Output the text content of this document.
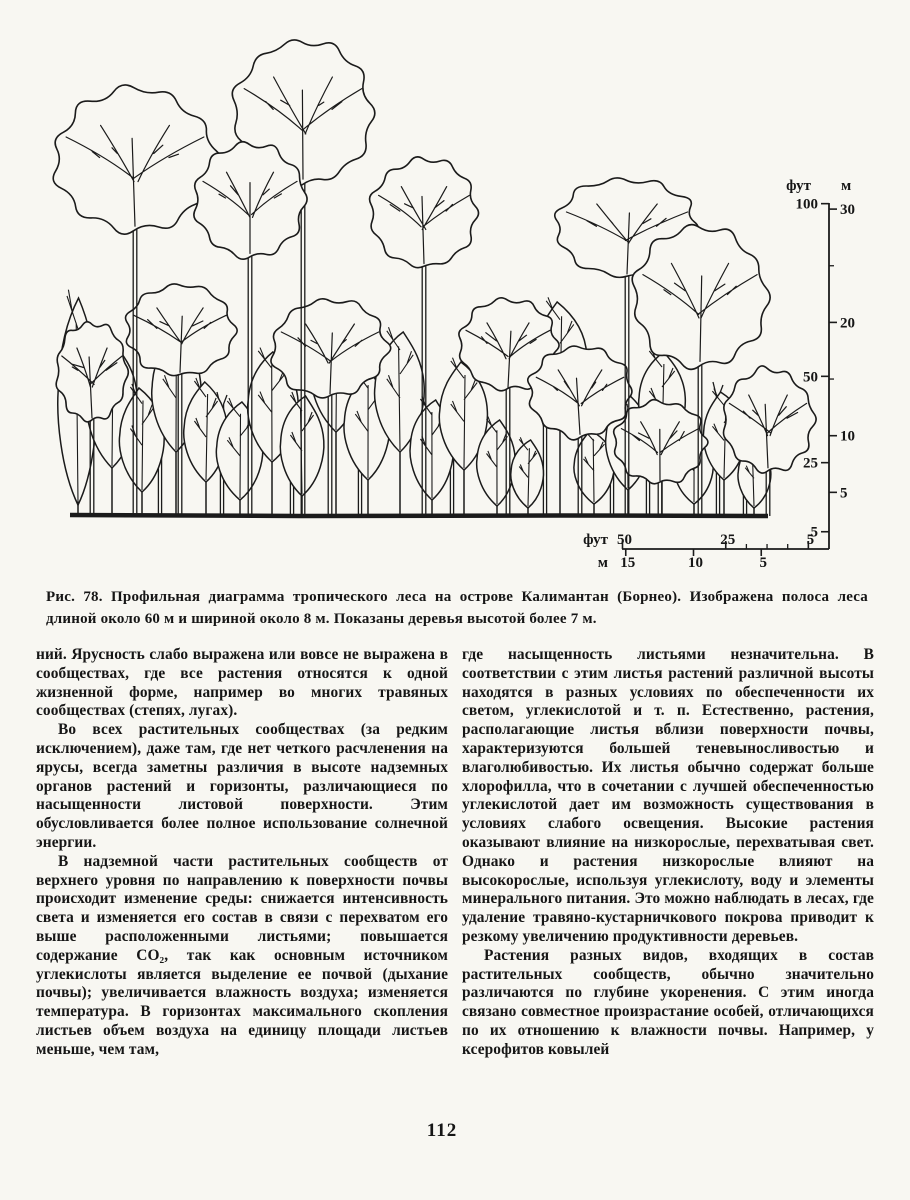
фут м
100
50
25
5
30
20
10
5
фут
м
50	25	5
15	10	5
Рис. 78. Профильная диаграмма тропического леса на острове Калимантан (Борнео). Изображена полоса леса длиной около 60 м и шириной около 8 м. Показаны деревья высотой более 7 м.

ний. Ярусность слабо выражена или вовсе не выражена в сообществах, где все растения относятся к одной жизненной форме, например во многих травяных сообществах (степях, лугах).

Во всех растительных сообществах (за редким исключением), даже там, где нет четкого расчленения на ярусы, всегда заметны различия в высоте надземных органов растений и горизонты, различающиеся по насыщенности листовой поверхности. Этим обусловливается более полное использование солнечной энергии.

В надземной части растительных сообществ от верхнего уровня по направлению к поверхности почвы происходит изменение среды: снижается интенсивность света и изменяется его состав в связи с перехватом его выше расположенными листьями; повышается содержание CO₂, так как основным источником углекислоты является выделение ее почвой (дыхание почвы); увеличивается влажность воздуха; изменяется температура. В горизонтах максимального скопления листьев объем воздуха на единицу площади листьев меньше, чем там,

где насыщенность листьями незначительна. В соответствии с этим листья растений различной высоты находятся в разных условиях по обеспеченности их светом, углекислотой и т. п. Естественно, растения, располагающие листья вблизи поверхности почвы, характеризуются большей теневыносливостью и влаголюбивостью. Их листья обычно содержат больше хлорофилла, что в сочетании с лучшей обеспеченностью углекислотой дает им возможность существования в условиях слабого освещения. Высокие растения оказывают влияние на низкорослые, перехватывая свет. Однако и растения низкорослые влияют на высокорослые, используя углекислоту, воду и элементы минерального питания. Это можно наблюдать в лесах, где удаление травяно-кустарничкового покрова приводит к резкому увеличению продуктивности деревьев.

Растения разных видов, входящих в состав растительных сообществ, обычно значительно различаются по глубине укоренения. С этим иногда связано совместное произрастание особей, отличающихся по их отношению к влажности почвы. Например, у ксерофитов ковылей

112
